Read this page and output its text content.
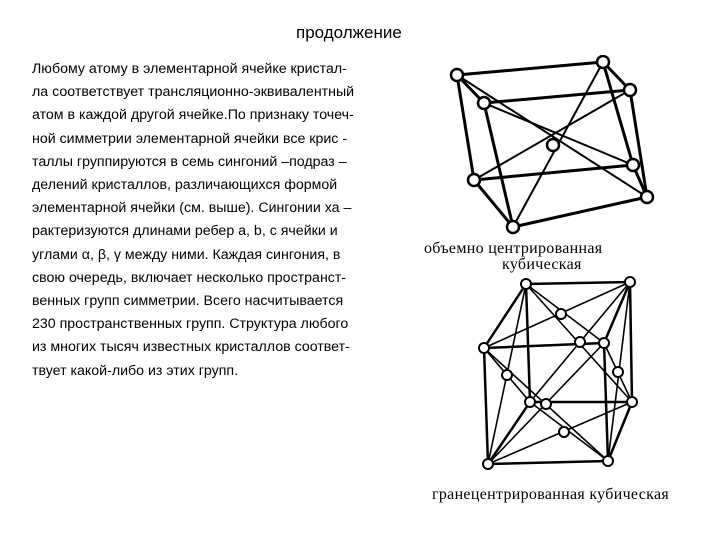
продолжение
Любому атому в элементарной ячейке кристал-
ла соответствует трансляционно-эквивалентный
атом в каждой другой ячейке.По признаку точеч-
ной симметрии элементарной ячейки все крис -
таллы группируются в семь сингоний –подраз –
делений кристаллов, различающихся формой
элементарной ячейки (см. выше). Сингонии ха –
рактеризуются длинами ребер a, b, c ячейки и
углами α, β, γ между ними. Каждая сингония, в
свою очередь, включает несколько пространст-
венных групп симметрии. Всего насчитывается
230 пространственных групп. Структура любого
из многих тысяч известных кристаллов соответ-
твует какой-либо из этих групп.
объемно центрированная
кубическая
гранецентрированная кубическая
